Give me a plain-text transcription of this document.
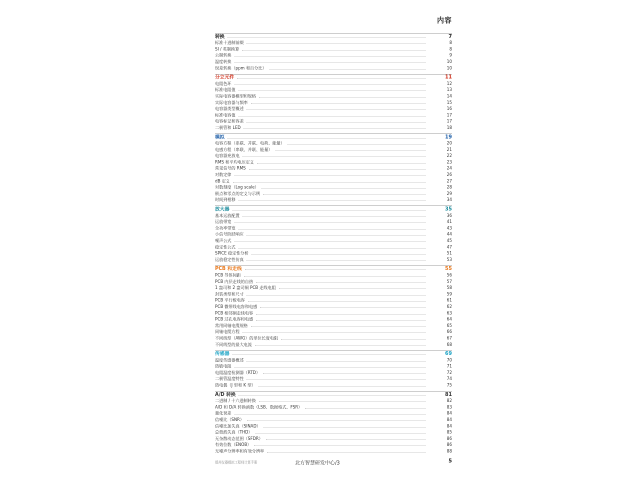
内容
转换	7
标准十进制前缀	8
SI / 英制换算	8
公制转换	9
温度转换	10
误差转换（ppm 和百分比）	10
分立元件	11
电阻色环	12
标准电阻值	13
实际电容器模型和规格	14
实际电容器与频率	15
电容器类型概述	16
标准电容值	17
电容标记和容差	17
二极管和 LED	18
模拟	19
电容方程（串联、并联、电荷、能量）	20
电感方程（串联、并联、能量）	21
电容器充放电	22
RMS 和平均电压定义	23
常见信号的 RMS	24
对数定律	26
dB 定义	27
对数刻度（Log scale）	28
极点和零点的定义与示例	29
时间到相移	34
放大器	35
基本运放配置	36
运放带宽	41
全功率带宽	43
小信号阶跃响应	44
噪声公式	45
稳定性公式	47
SPICE 稳定性分析	51
运放稳定性仿真	53
PCB 和走线	55
PCB 导体间距	56
PCB 内层走线的自热	57
1 盎司和 2 盎司铜 PCB 走线电阻	58
封装类型和尺寸	59
PCB 平行板电容	61
PCB 微带线电容和电感	62
PCB 相邻铜走线电容	63
PCB 过孔电容和电感	64
常用同轴电缆规格	65
同轴电缆方程	66
不同线型（AWG）的单位长度电阻	67
不同线型的最大电流	68
传感器	69
温度传感器概述	70
热敏电阻	71
电阻温度检测器（RTD）	72
二极管温度特性	74
热电偶（J 型和 K 型）	75
A/D 转换	81
二进制 / 十六进制转换	82
A/D 和 D/A 转换函数（LSB、数据格式、FSR）	83
量化误差	84
信噪比（SNR）	84
信噪比加失真（SINAD）	84
总谐波失真（THD）	85
无杂散动态范围（SFDR）	86
有效位数（ENOB）	86
无噪声分辨率和有效分辨率	88
德州仪器模拟工程师计算手册	北方智慧研发中心/3	5
